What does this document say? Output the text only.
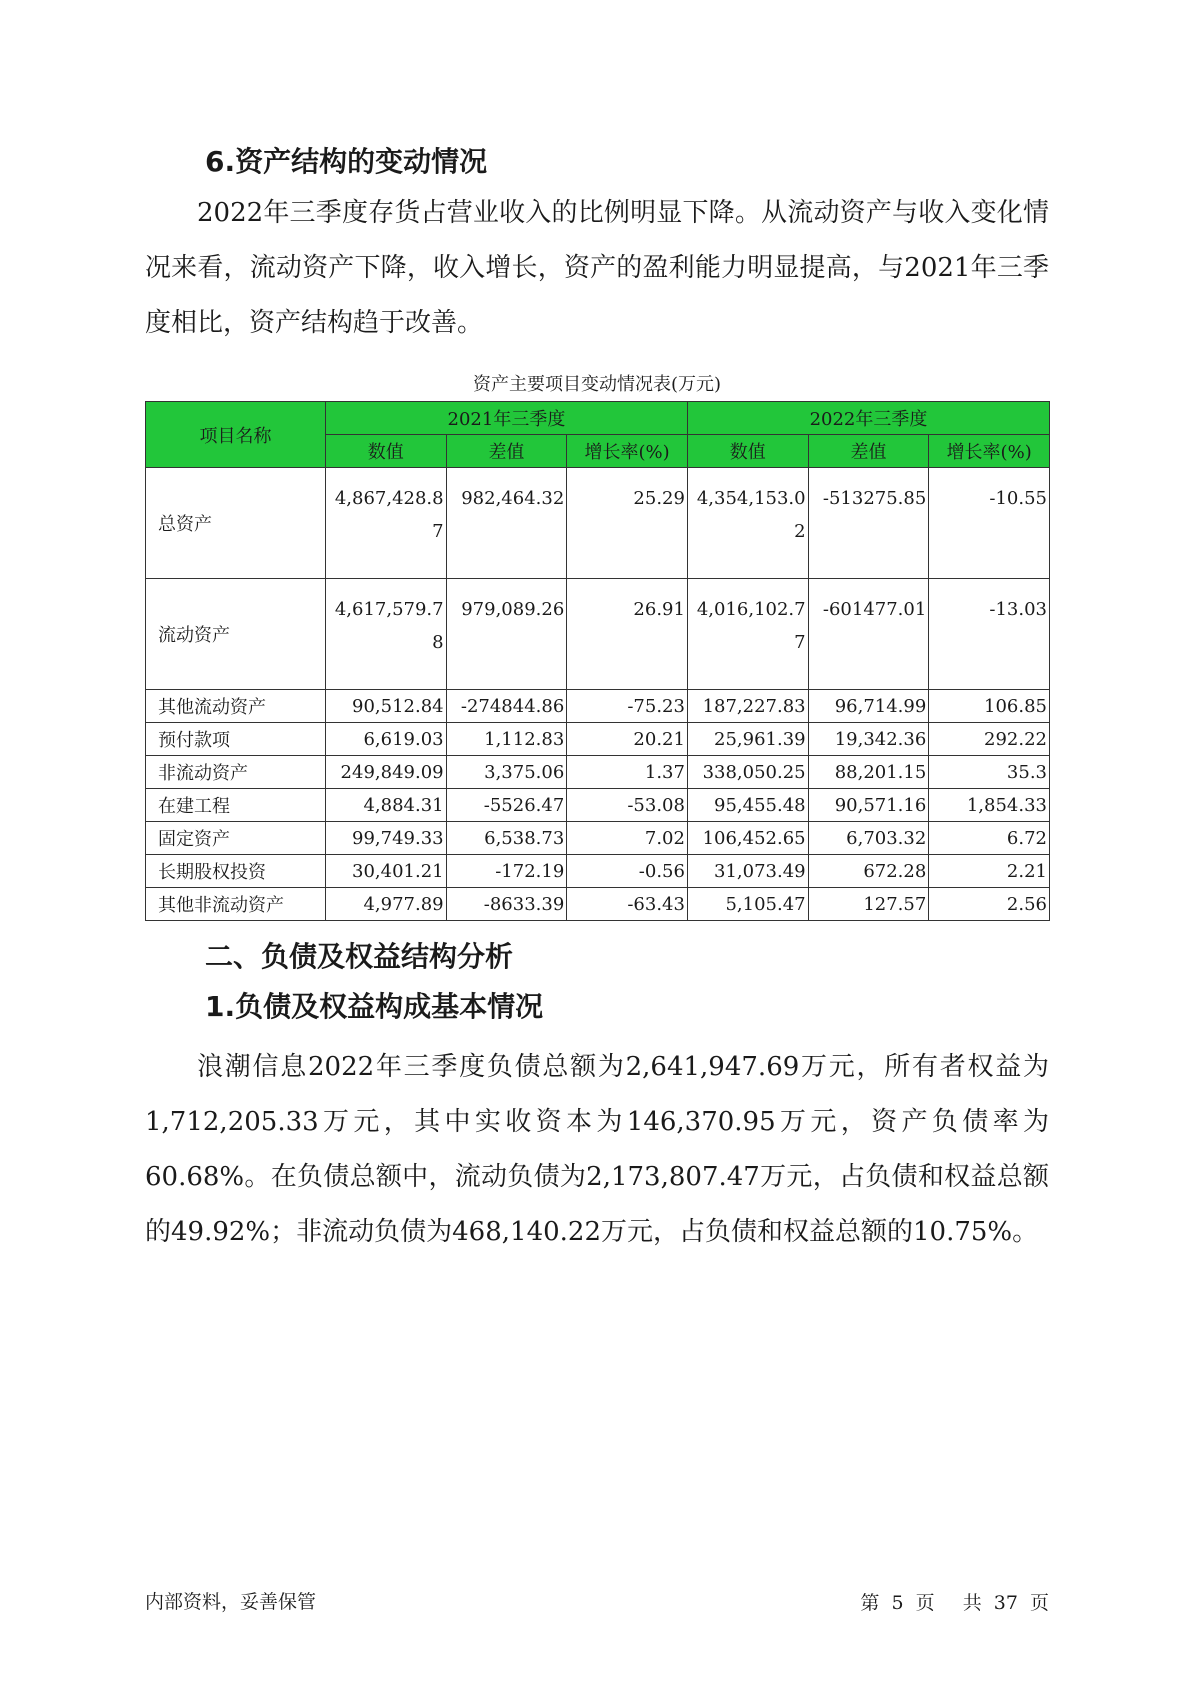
6.资产结构的变动情况

2022年三季度存货占营业收入的比例明显下降。从流动资产与收入变化情况来看，流动资产下降，收入增长，资产的盈利能力明显提高，与2021年三季度相比，资产结构趋于改善。

资产主要项目变动情况表(万元)
项目名称	2021年三季度			2022年三季度		
	数值	差值	增长率(%)	数值	差值	增长率(%)
总资产	4,867,428.87	982,464.32	25.29	4,354,153.02	-513275.85	-10.55
流动资产	4,617,579.78	979,089.26	26.91	4,016,102.77	-601477.01	-13.03
其他流动资产	90,512.84	-274844.86	-75.23	187,227.83	96,714.99	106.85
预付款项	6,619.03	1,112.83	20.21	25,961.39	19,342.36	292.22
非流动资产	249,849.09	3,375.06	1.37	338,050.25	88,201.15	35.3
在建工程	4,884.31	-5526.47	-53.08	95,455.48	90,571.16	1,854.33
固定资产	99,749.33	6,538.73	7.02	106,452.65	6,703.32	6.72
长期股权投资	30,401.21	-172.19	-0.56	31,073.49	672.28	2.21
其他非流动资产	4,977.89	-8633.39	-63.43	5,105.47	127.57	2.56
二、负债及权益结构分析
1.负债及权益构成基本情况

浪潮信息2022年三季度负债总额为2,641,947.69万元，所有者权益为1,712,205.33万元，其中实收资本为146,370.95万元，资产负债率为60.68%。在负债总额中，流动负债为2,173,807.47万元，占负债和权益总额的49.92%；非流动负债为468,140.22万元，占负债和权益总额的10.75%。

内部资料，妥善保管	第 5 页 共 37 页
